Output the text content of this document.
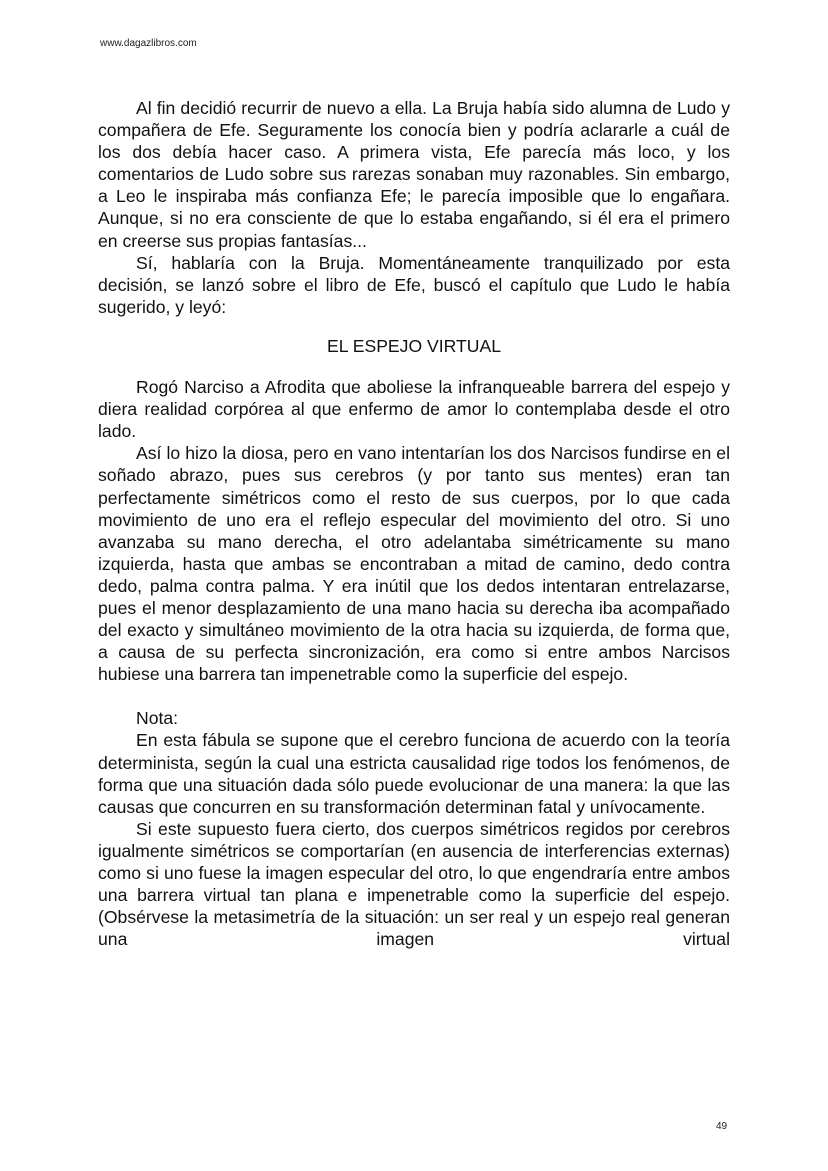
www.dagazlibros.com

Al fin decidió recurrir de nuevo a ella. La Bruja había sido alumna de Ludo y compañera de Efe. Seguramente los conocía bien y podría aclararle a cuál de los dos debía hacer caso. A primera vista, Efe parecía más loco, y los comentarios de Ludo sobre sus rarezas sonaban muy razonables. Sin embargo, a Leo le inspiraba más confianza Efe; le parecía imposible que lo engañara. Aunque, si no era consciente de que lo estaba engañando, si él era el primero en creerse sus propias fantasías...

Sí, hablaría con la Bruja. Momentáneamente tranquilizado por esta decisión, se lanzó sobre el libro de Efe, buscó el capítulo que Ludo le había sugerido, y leyó:

EL ESPEJO VIRTUAL

Rogó Narciso a Afrodita que aboliese la infranqueable barrera del espejo y diera realidad corpórea al que enfermo de amor lo contemplaba desde el otro lado.

Así lo hizo la diosa, pero en vano intentarían los dos Narcisos fundirse en el soñado abrazo, pues sus cerebros (y por tanto sus mentes) eran tan perfectamente simétricos como el resto de sus cuerpos, por lo que cada movimiento de uno era el reflejo especular del movimiento del otro. Si uno avanzaba su mano derecha, el otro adelantaba simétricamente su mano izquierda, hasta que ambas se encontraban a mitad de camino, dedo contra dedo, palma contra palma. Y era inútil que los dedos intentaran entrelazarse, pues el menor desplazamiento de una mano hacia su derecha iba acompañado del exacto y simultáneo movimiento de la otra hacia su izquierda, de forma que, a causa de su perfecta sincronización, era como si entre ambos Narcisos hubiese una barrera tan impenetrable como la superficie del espejo.

Nota:

En esta fábula se supone que el cerebro funciona de acuerdo con la teoría determinista, según la cual una estricta causalidad rige todos los fenómenos, de forma que una situación dada sólo puede evolucionar de una manera: la que las causas que concurren en su transformación determinan fatal y unívocamente.

Si este supuesto fuera cierto, dos cuerpos simétricos regidos por cerebros igualmente simétricos se comportarían (en ausencia de interferencias externas) como si uno fuese la imagen especular del otro, lo que engendraría entre ambos una barrera virtual tan plana e impenetrable como la superficie del espejo. (Obsérvese la metasimetría de la situación: un ser real y un espejo real generan una imagen virtual

49
